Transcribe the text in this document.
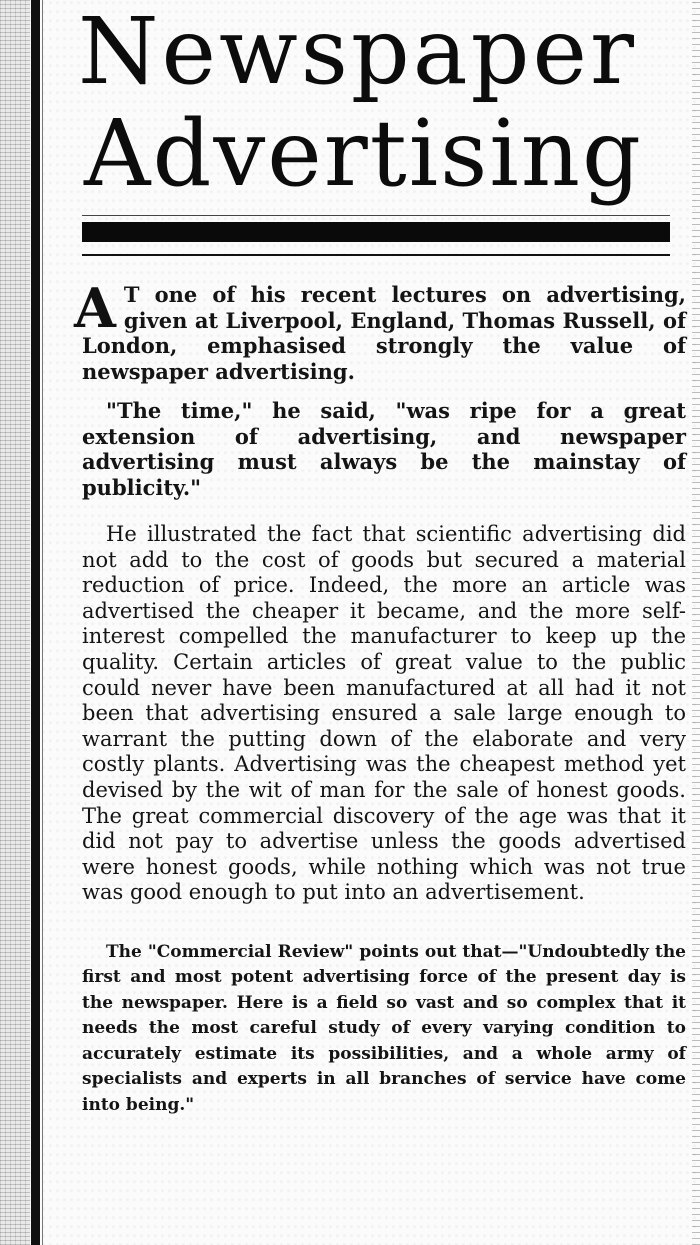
Newspaper
Advertising

A T one of his recent lectures on advertising, given at Liverpool, England, Thomas Russell, of London, emphasised strongly the value of newspaper advertising.

"The time," he said, "was ripe for a great extension of advertising, and newspaper advertising must always be the mainstay of publicity."

He illustrated the fact that scientific advertising did not add to the cost of goods but secured a material reduction of price. Indeed, the more an article was advertised the cheaper it became, and the more self-interest compelled the manufacturer to keep up the quality. Certain articles of great value to the public could never have been manufactured at all had it not been that advertising ensured a sale large enough to warrant the putting down of the elaborate and very costly plants. Advertising was the cheapest method yet devised by the wit of man for the sale of honest goods. The great commercial discovery of the age was that it did not pay to advertise unless the goods advertised were honest goods, while nothing which was not true was good enough to put into an advertisement.

The "Commercial Review" points out that—"Undoubtedly the first and most potent advertising force of the present day is the newspaper. Here is a field so vast and so complex that it needs the most careful study of every varying condition to accurately estimate its possibilities, and a whole army of specialists and experts in all branches of service have come into being."
